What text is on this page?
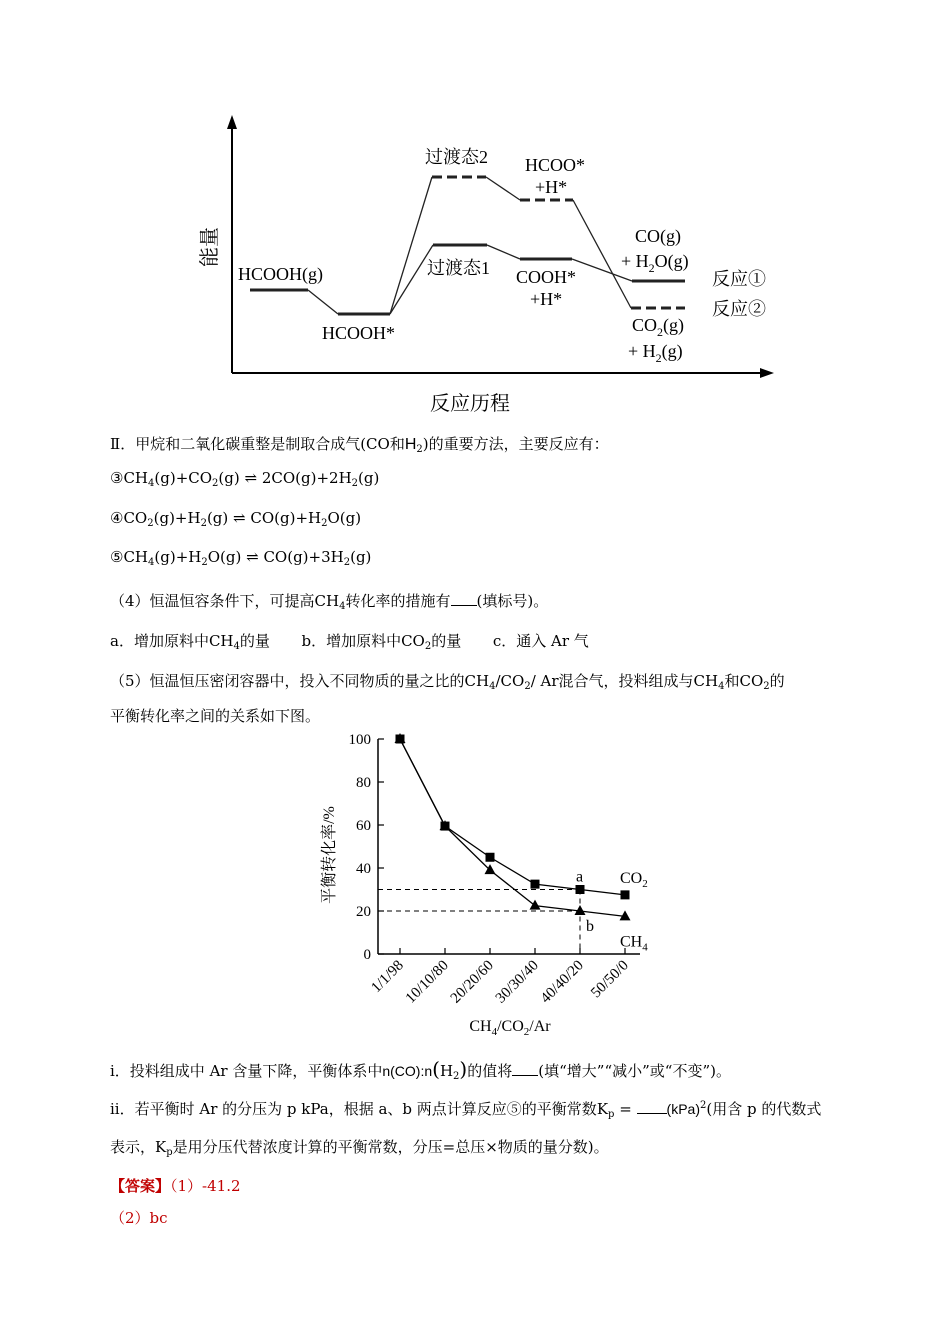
能量
反应历程
HCOOH(g)
HCOOH*
过渡态2
过渡态1
HCOO*
+H*
COOH*
+H*
CO(g)
+ $H_2O(g)$
$CO_2(g)$
+ $H_2(g)$
反应①
反应②
Ⅱ．甲烷和二氧化碳重整是制取合成气(CO和$H_2$)的重要方法，主要反应有：
$③CH_4(g)+CO_2(g)$ ⇌ $2CO(g)+2H_2(g)$
$④CO_2(g)+H_2(g)$ ⇌ $CO(g)+H_2O(g)$
$⑤CH_4(g)+H_2O(g)$ ⇌ $CO(g)+3H_2(g)$
（4）恒温恒容条件下，可提高$CH_4$转化率的措施有 (填标号)。
a．增加原料中$CH_4$的量 b．增加原料中$CO_2$的量 c．通入 Ar 气
（5）恒温恒压密闭容器中，投入不同物质的量之比的$CH_4/CO_2/$ Ar混合气，投料组成与$CH_4$和$CO_2$的
平衡转化率之间的关系如下图。
平衡转化率/%
$CH_4/CO_2/Ar$
0
20
40
60
80
100
1/1/98
10/10/80
20/20/60
30/30/40
40/40/20 50/50/0
$CO_2$
$CH_4$
a
b
i．投料组成中 Ar 含量下降，平衡体系中$n(CO):n(H_2)$的值将 (填“增大”“减小”或“不变”)。
ii．若平衡时 Ar 的分压为 p kPa，根据 a、b 两点计算反应⑤的平衡常数$K_p = (kPa)^2$(用含 p 的代数式
表示，$K_p$是用分压代替浓度计算的平衡常数，分压=总压×物质的量分数)。
【答案】（1）-41.2
（2）bc
